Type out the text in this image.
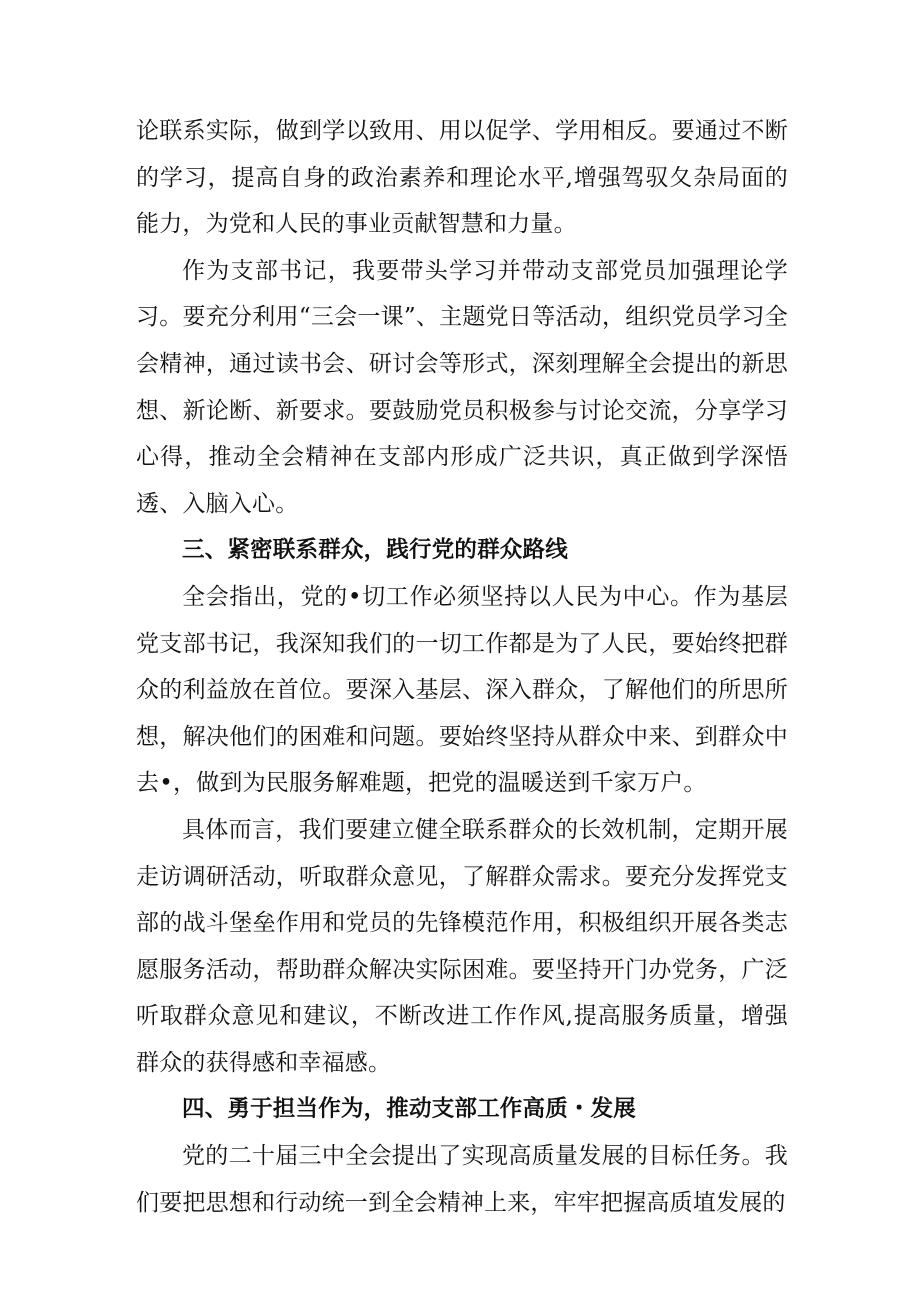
论联系实际，做到学以致用、用以促学、学用相反。要通过不断的学习，提高自身的政治素养和理论水平,增强驾驭夂杂局面的能力，为党和人民的事业贡献智慧和力量。

作为支部书记，我要带头学习并带动支部党员加强理论学习。要充分利用“三会一课”、主题党日等活动，组织党员学习全会精神，通过读书会、研讨会等形式，深刻理解全会提出的新思想、新论断、新要求。要鼓励党员积极参与讨论交流，分享学习心得，推动全会精神在支部内形成广泛共识，真正做到学深悟透、入脑入心。

三、紧密联系群众，践行党的群众路线

全会指出，党的•切工作必须坚持以人民为中心。作为基层党支部书记，我深知我们的一切工作都是为了人民，要始终把群众的利益放在首位。要深入基层、深入群众，了解他们的所思所想，解决他们的困难和问题。要始终坚持从群众中来、到群众中去•，做到为民服务解难题，把党的温暖送到千家万户。

具体而言，我们要建立健全联系群众的长效机制，定期开展走访调研活动，听取群众意见，了解群众需求。要充分发挥党支部的战斗堡垒作用和党员的先锋模范作用，积极组织开展各类志愿服务活动，帮助群众解决实际困难。要坚持开门办党务，广泛听取群众意见和建议，不断改进工作作风,提高服务质量，增强群众的获得感和幸福感。

四、勇于担当作为，推动支部工作高质・发展

党的二十届三中全会提出了实现高质量发展的目标任务。我们要把思想和行动统一到全会精神上来，牢牢把握高质埴发展的
